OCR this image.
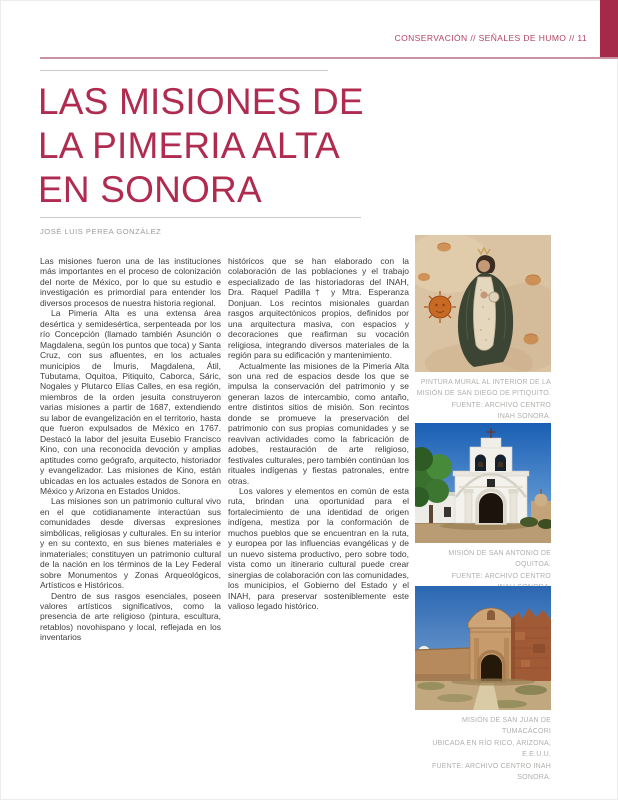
CONSERVACIÓN // SEÑALES DE HUMO // 11
LAS MISIONES DE
LA PIMERIA ALTA
EN SONORA
JOSÉ LUIS PEREA GONZÁLEZ

Las misiones fueron una de las instituciones más importantes en el proceso de colonización del norte de México, por lo que su estudio e investigación es primordial para entender los diversos procesos de nuestra historia regional.

La Pimeria Alta es una extensa área desértica y semidesértica, serpenteada por los río Concepción (llamado también Asunción o Magdalena, según los puntos que toca) y Santa Cruz, con sus afluentes, en los actuales municipios de Ímuris, Magdalena, Átil, Tubutama, Oquitoa, Pitiquito, Caborca, Sáric, Nogales y Plutarco Elías Calles, en esa región, miembros de la orden jesuita construyeron varias misiones a partir de 1687, extendiendo su labor de evangelización en el territorio, hasta que fueron expulsados de México en 1767. Destacó la labor del jesuita Eusebio Francisco Kino, con una reconocida devoción y amplias aptitudes como geógrafo, arquitecto, historiador y evangelizador. Las misiones de Kino, están ubicadas en los actuales estados de Sonora en México y Arizona en Estados Unidos.

Las misiones son un patrimonio cultural vivo en el que cotidianamente interactúan sus comunidades desde diversas expresiones simbólicas, religiosas y culturales. En su interior y en su contexto, en sus bienes materiales e inmateriales; constituyen un patrimonio cultural de la nación en los términos de la Ley Federal sobre Monumentos y Zonas Arqueológicos, Artísticos e Históricos.

Dentro de sus rasgos esenciales, poseen valores artísticos significativos, como la presencia de arte religioso (pintura, escultura, retablos) novohispano y local, reflejada en los inventarios

históricos que se han elaborado con la colaboración de las poblaciones y el trabajo especializado de las historiadoras del INAH, Dra. Raquel Padilla† y Mtra. Esperanza Donjuan. Los recintos misionales guardan rasgos arquitectónicos propios, definidos por una arquitectura masiva, con espacios y decoraciones que reafirman su vocación religiosa, integrando diversos materiales de la región para su edificación y mantenimiento.

Actualmente las misiones de la Pimeria Alta son una red de espacios desde los que se impulsa la conservación del patrimonio y se generan lazos de intercambio, como antaño, entre distintos sitios de misión. Son recintos donde se promueve la preservación del patrimonio con sus propias comunidades y se reavivan actividades como la fabricación de adobes, restauración de arte religioso, festivales culturales, pero también continúan los rituales indígenas y fiestas patronales, entre otras.

Los valores y elementos en común de esta ruta, brindan una oportunidad para el fortalecimiento de una identidad de origen indígena, mestiza por la conformación de muchos pueblos que se encuentran en la ruta, y europea por las influencias evangélicas y de un nuevo sistema productivo, pero sobre todo, vista como un itinerario cultural puede crear sinergias de colaboración con las comunidades, los municipios, el Gobierno del Estado y el INAH, para preservar sosteniblemente este valioso legado histórico.

PINTURA MURAL AL INTERIOR DE LA
MISIÓN DE SAN DIEGO DE PITIQUITO.
FUENTE: ARCHIVO CENTRO
INAH SONORA.
MISIÓN DE SAN ANTONIO DE OQUITOA.
FUENTE: ARCHIVO CENTRO
MISIÓN DE SAN JUAN DE TUMACÁCORI
UBICADA EN RÍO RICO, ARIZONA, E.E.U.U.
FUENTE: ARCHIVO CENTRO INAH SONORA.
